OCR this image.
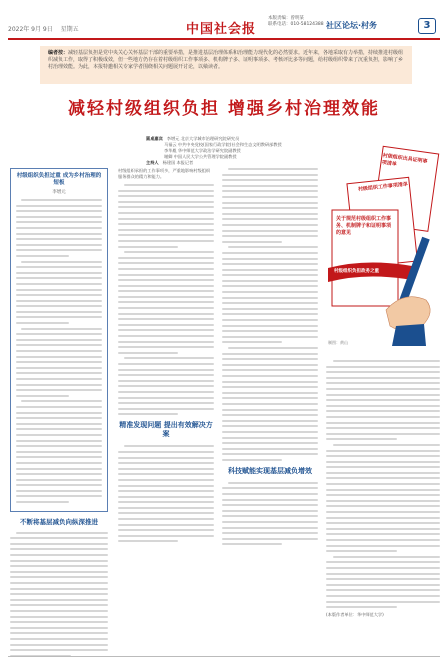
2022年 9月 9日 星期五	中国社会报
本版责编：曾明某
联系电话：010-58124388 社区论坛·村务	3
编者按：减轻基层负担是党中央关心关怀基层干部的重要举措，是推进基层治理体系和治理能力现代化的必然要求。近年来，各地采取有力举措，持续推进村级组织减负工作，取得了积极成效，但一些地方仍存在着村级组织工作事项多、机构牌子多、证明事项多、考核评比多等问题，给村级组织带来了沉重负担，影响了乡村治理效能。为此，本报特邀相关专家学者围绕相关问题展开讨论，以飨读者。
减轻村级组织负担 增强乡村治理效能
圆桌嘉宾 李增元 北京大学城市治理研究院研究员
马福云 中共中央党校(国家行政学院)社会和生态文明教研部教授
李华胤 华中师范大学政治学研究院副教授
谢卿 中国人民大学公共管理学院副教授
主持人 杨建国 本报记者
村级组织负担过重 成为乡村治理的短板
李增元
不断将基层减负向纵深推进
村级组织承担的工作事项多，严重地影响村级组织服务群众的精力和能力。
精准发现问题 提出有效解决方案
科技赋能实现基层减负增效
(本版作者单位：华中师范大学)
关于规范村级组织工作事务、机制牌子和证明事项的意见
村级组织工作事项清单
村级组织出具证明事项清单
村级组织负担政务之重
制图：黄山
